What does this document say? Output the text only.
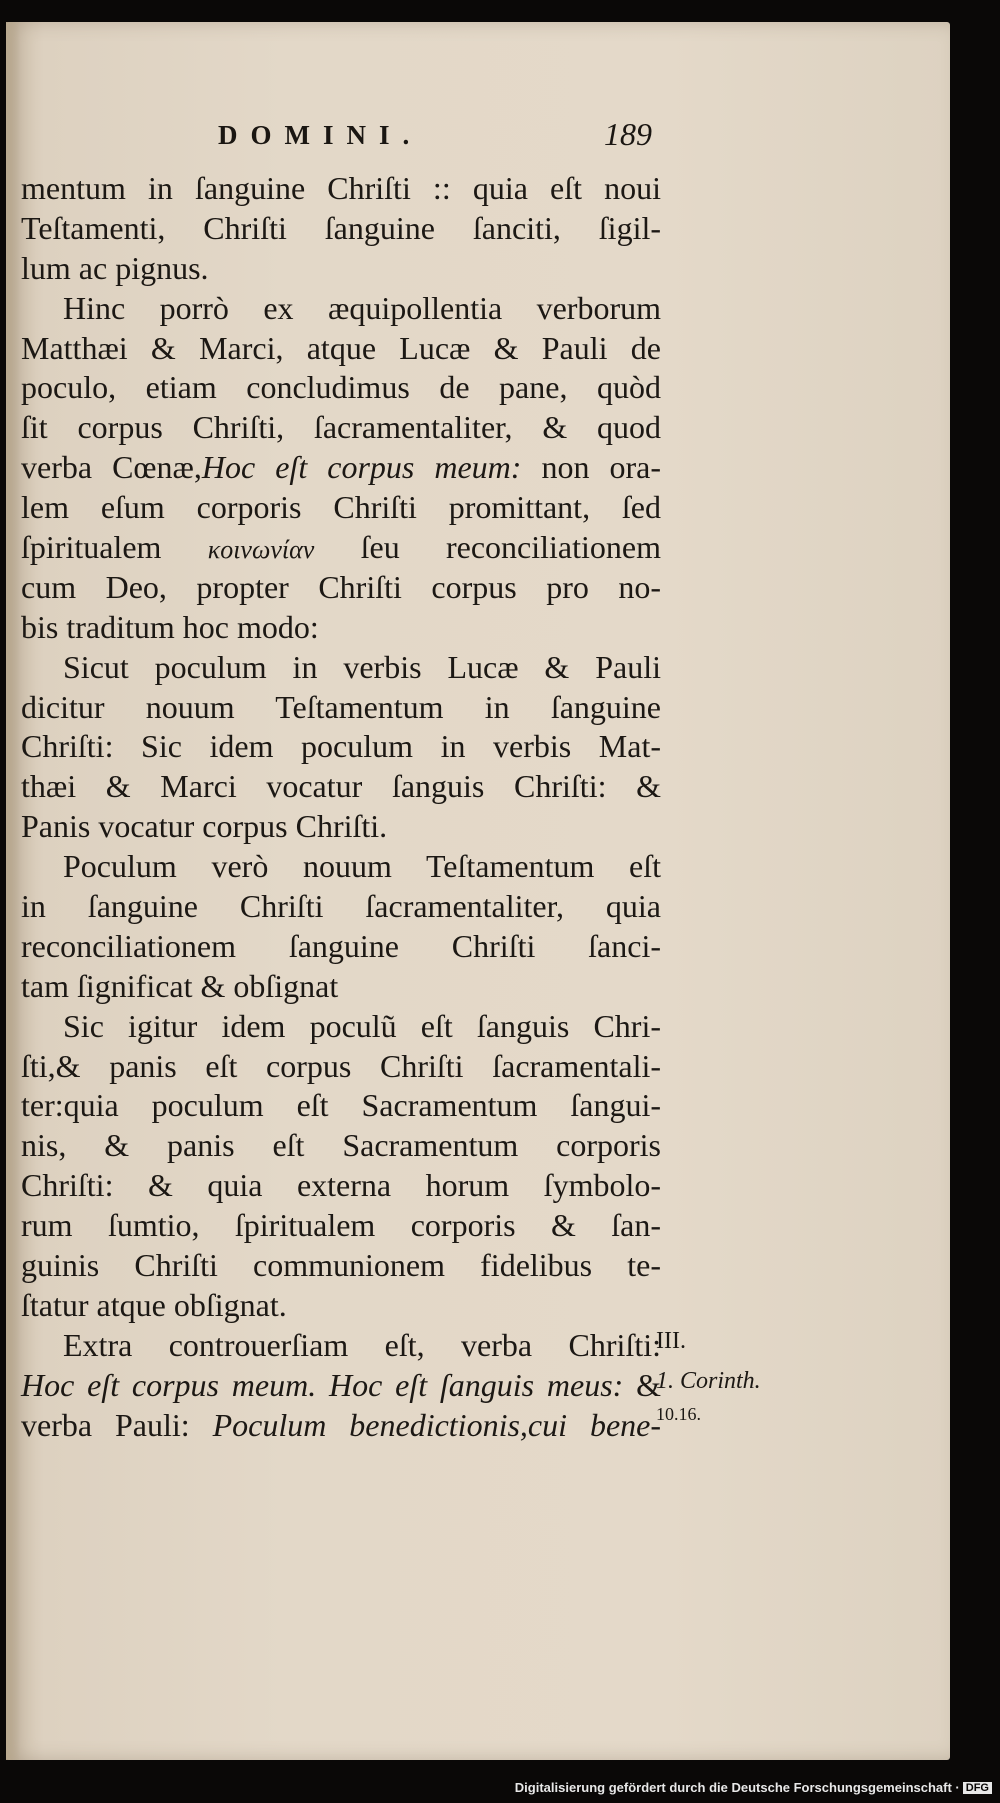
DOMINI.	189
mentum in ſanguine Chriſti :: quia eſt noui
Teſtamenti, Chriſti ſanguine ſanciti, ſigil-
lum ac pignus.
Hinc porrò ex æquipollentia verborum
Matthæi & Marci, atque Lucæ & Pauli de
poculo, etiam concludimus de pane, quòd
ſit corpus Chriſti, ſacramentaliter, & quod
verba Cœnæ,Hoc eſt corpus meum: non ora-
lem eſum corporis Chriſti promittant, ſed
ſpiritualem κοινωνίαν ſeu reconciliationem
cum Deo, propter Chriſti corpus pro no-
bis traditum hoc modo:
Sicut poculum in verbis Lucæ & Pauli
dicitur nouum Teſtamentum in ſanguine
Chriſti: Sic idem poculum in verbis Mat-
thæi & Marci vocatur ſanguis Chriſti: &
Panis vocatur corpus Chriſti.
Poculum verò nouum Teſtamentum eſt
in ſanguine Chriſti ſacramentaliter, quia
reconciliationem ſanguine Chriſti ſanci-
tam ſignificat & obſignat
Sic igitur idem poculũ eſt ſanguis Chri-
ſti,& panis eſt corpus Chriſti ſacramentali-
ter:quia poculum eſt Sacramentum ſangui-
nis, & panis eſt Sacramentum corporis
Chriſti: & quia externa horum ſymbolo-
rum ſumtio, ſpiritualem corporis & ſan-
guinis Chriſti communionem fidelibus te-
ſtatur atque obſignat.
Extra controuerſiam eſt, verba Chriſti:
Hoc eſt corpus meum. Hoc eſt ſanguis meus: &
verba Pauli: Poculum benedictionis,cui bene-
III.
1. Corinth.
10.16.
Digitalisierung gefördert durch die Deutsche Forschungsgemeinschaft · DFG
